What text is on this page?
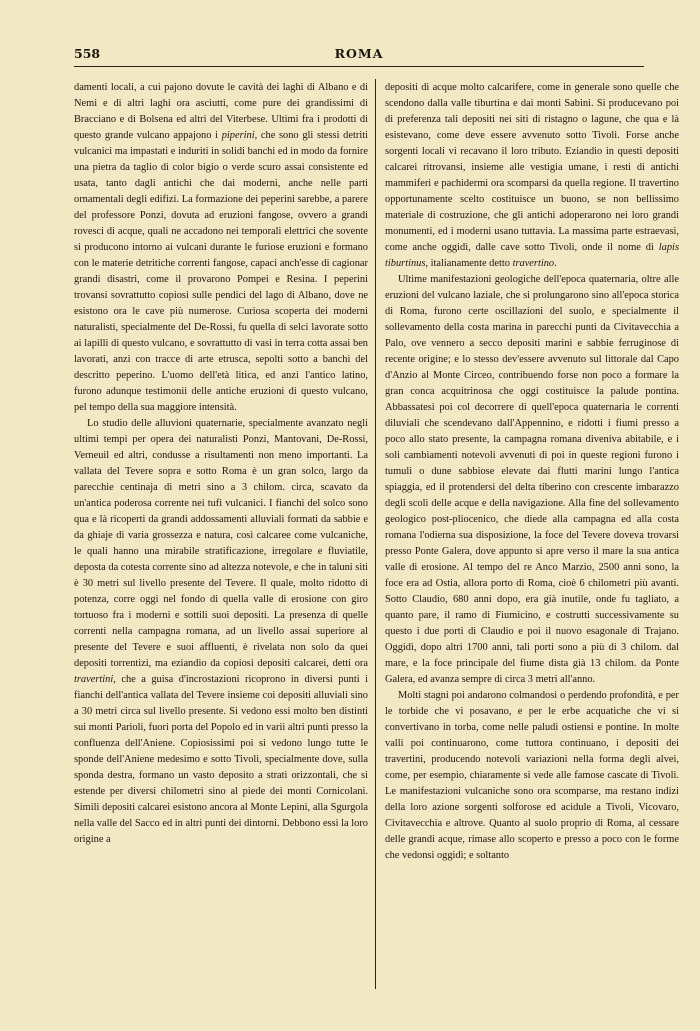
558	ROMA

damenti locali, a cui pajono dovute le cavità dei laghi di Albano e di Nemi e di altri laghi ora asciutti, come pure dei grandissimi di Bracciano e di Bolsena ed altri del Viterbese. Ultimi fra i prodotti di questo grande vulcano appajono i piperini, che sono gli stessi detriti vulcanici ma impastati e induriti in solidi banchi ed in modo da fornire una pietra da taglio di color bigio o verde scuro assai consistente ed usata, tanto dagli antichi che dai moderni, anche nelle parti ornamentali degli edifizi. La formazione dei peperini sarebbe, a parere del professore Ponzi, dovuta ad eruzioni fangose, ovvero a grandi rovesci di acque, quali ne accadono nei temporali elettrici che sovente si producono intorno ai vulcani durante le furiose eruzioni e formano con le materie detritiche correnti fangose, capaci anch'esse di cagionar grandi disastri, come il provarono Pompei e Resina. I peperini trovansi sovrattutto copiosi sulle pendici del lago di Albano, dove ne esistono ora le cave più numerose. Curiosa scoperta dei moderni naturalisti, specialmente del De-Rossi, fu quella di selci lavorate sotto ai lapilli di questo vulcano, e sovrattutto di vasi in terra cotta assai ben lavorati, anzi con tracce di arte etrusca, sepolti sotto a banchi del descritto peperino. L'uomo dell'età litica, ed anzi l'antico latino, furono adunque testimonii delle antiche eruzioni di questo vulcano, pel tempo della sua maggiore intensità.

Lo studio delle alluvioni quaternarie, specialmente avanzato negli ultimi tempi per opera dei naturalisti Ponzi, Mantovani, De-Rossi, Verneuil ed altri, condusse a risultamenti non meno importanti. La vallata del Tevere sopra e sotto Roma è un gran solco, largo da parecchie centinaja di metri sino a 3 chilom. circa, scavato da un'antica poderosa corrente nei tufi vulcanici. I fianchi del solco sono qua e là ricoperti da grandi addossamenti alluviali formati da sabbie e da ghiaje di varia grossezza e natura, così calcaree come vulcaniche, le quali hanno una mirabile stratificazione, irregolare e fluviatile, deposta da cotesta corrente sino ad altezza notevole, e che in taluni siti è 30 metri sul livello presente del Tevere. Il quale, molto ridotto di potenza, corre oggi nel fondo di quella valle di erosione con giro tortuoso fra i moderni e sottili suoi depositi. La presenza di quelle correnti nella campagna romana, ad un livello assai superiore al presente del Tevere e suoi affluenti, è rivelata non solo da quei depositi torrentizi, ma eziandio da copiosi depositi calcarei, detti ora travertini, che a guisa d'incrostazioni ricoprono in diversi punti i fianchi dell'antica vallata del Tevere insieme coi depositi alluviali sino a 30 metri circa sul livello presente. Si vedono essi molto ben distinti sui monti Parioli, fuori porta del Popolo ed in varii altri punti presso la confluenza dell'Aniene. Copiosissimi poi si vedono lungo tutte le sponde dell'Aniene medesimo e sotto Tivoli, specialmente dove, sulla sponda destra, formano un vasto deposito a strati orizzontali, che si estende per diversi chilometri sino al piede dei monti Cornicolani. Simili depositi calcarei esistono ancora al Monte Lepini, alla Sgurgola nella valle del Sacco ed in altri punti dei dintorni. Debbono essi la loro origine a

depositi di acque molto calcarifere, come in generale sono quelle che scendono dalla valle tiburtina e dai monti Sabini. Si producevano poi di preferenza tali depositi nei siti di ristagno o lagune, che qua e là esistevano, come deve essere avvenuto sotto Tivoli. Forse anche sorgenti locali vi recavano il loro tributo. Eziandio in questi depositi calcarei ritrovansi, insieme alle vestigia umane, i resti di antichi mammiferi e pachidermi ora scomparsi da quella regione. Il travertino opportunamente scelto costituisce un buono, se non bellissimo materiale di costruzione, che gli antichi adoperarono nei loro grandi monumenti, ed i moderni usano tuttavia. La massima parte estraevasi, come anche oggidì, dalle cave sotto Tivoli, onde il nome di lapis tiburtinus, italianamente detto travertino.

Ultime manifestazioni geologiche dell'epoca quaternaria, oltre alle eruzioni del vulcano laziale, che si prolungarono sino all'epoca storica di Roma, furono certe oscillazioni del suolo, e specialmente il sollevamento della costa marina in parecchi punti da Civitavecchia a Palo, ove vennero a secco depositi marini e sabbie ferruginose di recente origine; e lo stesso dev'essere avvenuto sul littorale dal Capo d'Anzio al Monte Circeo, contribuendo forse non poco a formare la gran conca acquitrinosa che oggi costituisce la palude pontina. Abbassatesi poi col decorrere di quell'epoca quaternaria le correnti diluviali che scendevano dall'Appennino, e ridotti i fiumi presso a poco allo stato presente, la campagna romana diveniva abitabile, e i soli cambiamenti notevoli avvenuti di poi in queste regioni furono i tumuli o dune sabbiose elevate dai flutti marini lungo l'antica spiaggia, ed il protendersi del delta tiberino con crescente imbarazzo degli scoli delle acque e della navigazione. Alla fine del sollevamento geologico post-pliocenico, che diede alla campagna ed alla costa romana l'odierna sua disposizione, la foce del Tevere doveva trovarsi presso Ponte Galera, dove appunto si apre verso il mare la sua antica valle di erosione. Al tempo del re Anco Marzio, 2500 anni sono, la foce era ad Ostia, allora porto di Roma, cioè 6 chilometri più avanti. Sotto Claudio, 680 anni dopo, era già inutile, onde fu tagliato, a quanto pare, il ramo di Fiumicino, e costrutti successivamente su questo i due porti di Claudio e poi il nuovo esagonale di Trajano. Oggidì, dopo altri 1700 anni, tali porti sono a più di 3 chilom. dal mare, e la foce principale del fiume dista già 13 chilom. da Ponte Galera, ed avanza sempre di circa 3 metri all'anno.

Molti stagni poi andarono colmandosi o perdendo profondità, e per le torbide che vi posavano, e per le erbe acquatiche che vi si convertivano in torba, come nelle paludi ostiensi e pontine. In molte valli poi continuarono, come tuttora continuano, i depositi dei travertini, producendo notevoli variazioni nella forma degli alvei, come, per esempio, chiaramente si vede alle famose cascate di Tivoli. Le manifestazioni vulcaniche sono ora scomparse, ma restano indizi della loro azione sorgenti solforose ed acidule a Tivoli, Vicovaro, Civitavecchia e altrove. Quanto al suolo proprio di Roma, al cessare delle grandi acque, rimase allo scoperto e presso a poco con le forme che vedonsi oggidì; e soltanto
